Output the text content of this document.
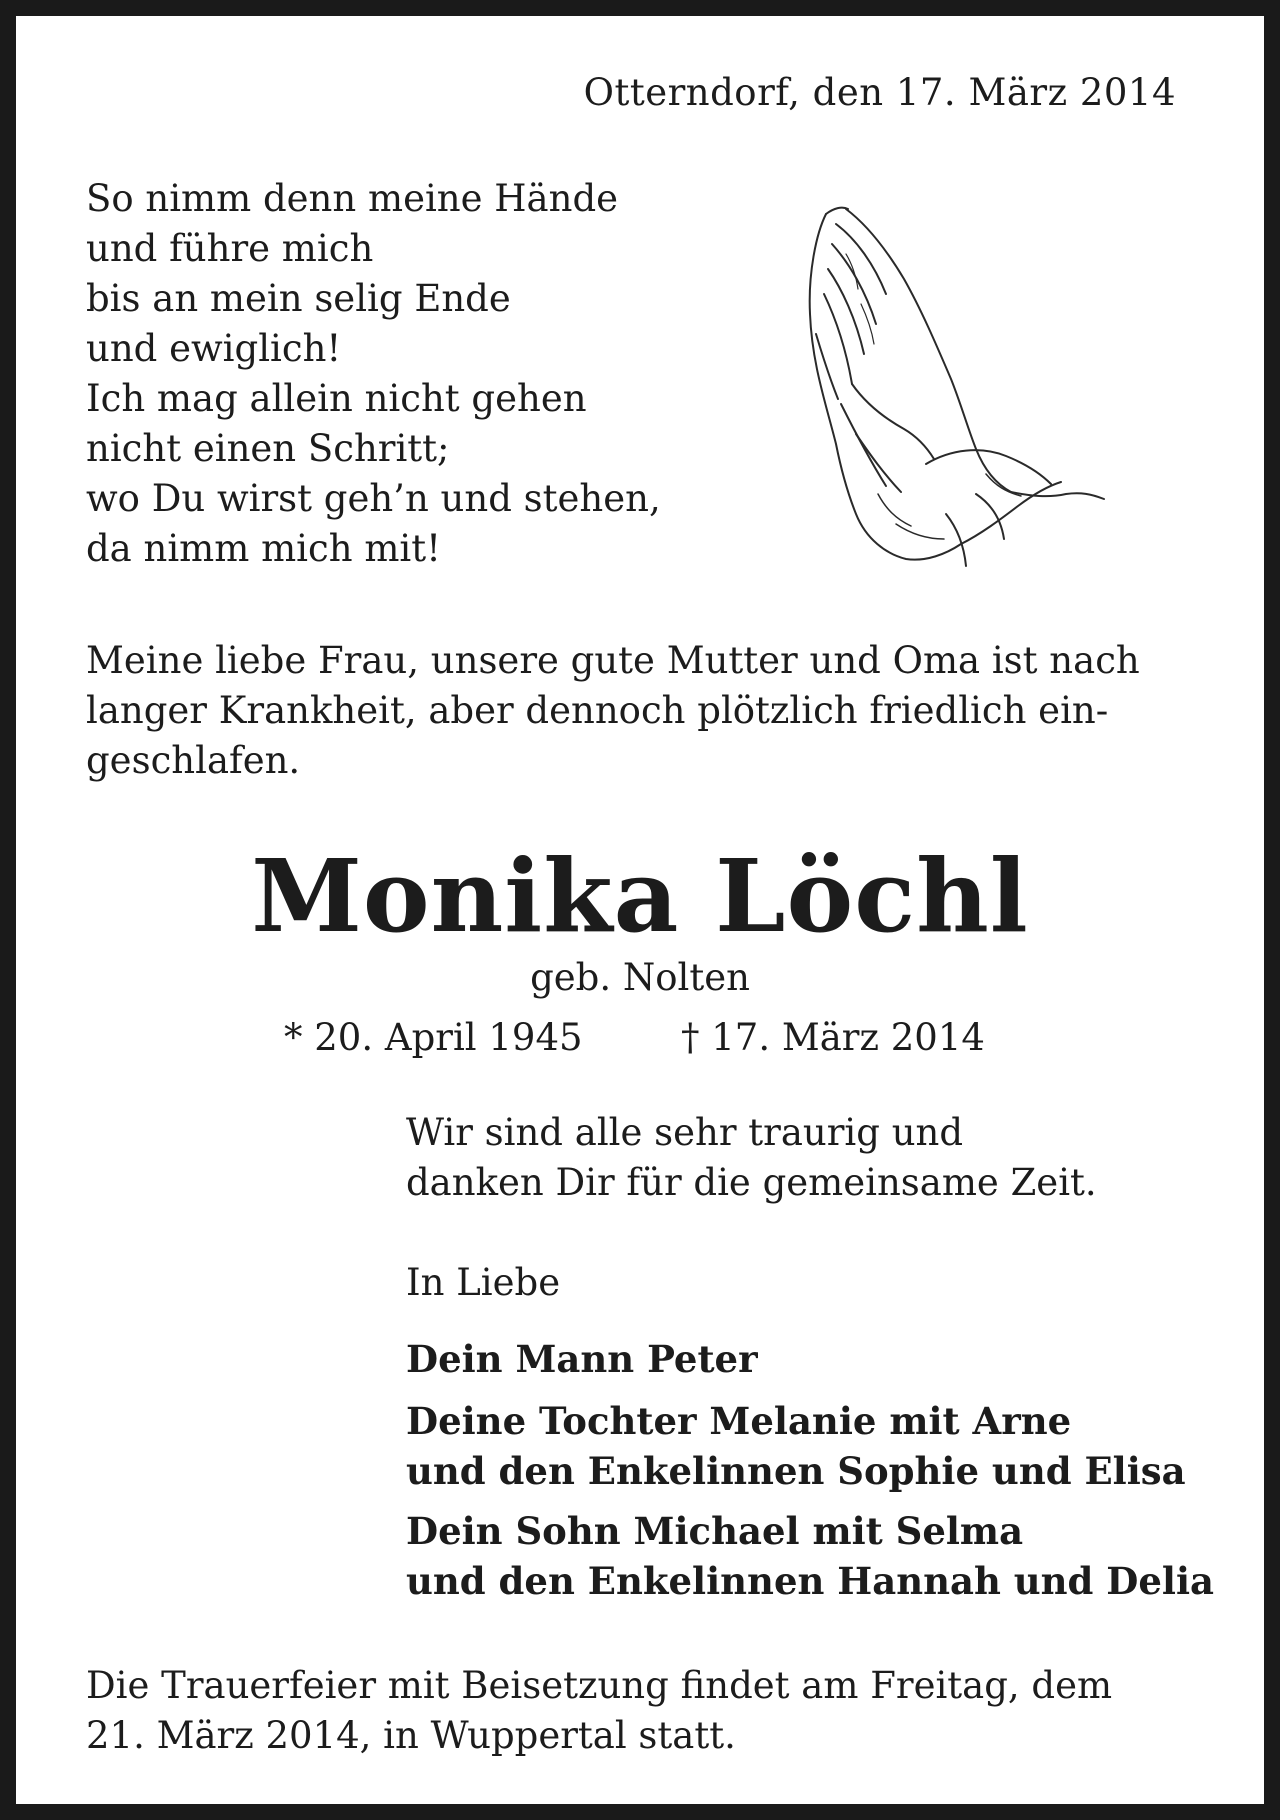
Otterndorf, den 17. März 2014
So nimm denn meine Hände
und führe mich
bis an mein selig Ende
und ewiglich!
Ich mag allein nicht gehen
nicht einen Schritt;
wo Du wirst geh’n und stehen,
da nimm mich mit!
Meine liebe Frau, unsere gute Mutter und Oma ist nach
langer Krankheit, aber dennoch plötzlich friedlich ein-
geschlafen.
Monika Löchl
geb. Nolten
* 20. April 1945	† 17. März 2014
Wir sind alle sehr traurig und
danken Dir für die gemeinsame Zeit.
In Liebe
Dein Mann Peter
Deine Tochter Melanie mit Arne
und den Enkelinnen Sophie und Elisa
Dein Sohn Michael mit Selma
und den Enkelinnen Hannah und Delia
Die Trauerfeier mit Beisetzung findet am Freitag, dem
21. März 2014, in Wuppertal statt.
